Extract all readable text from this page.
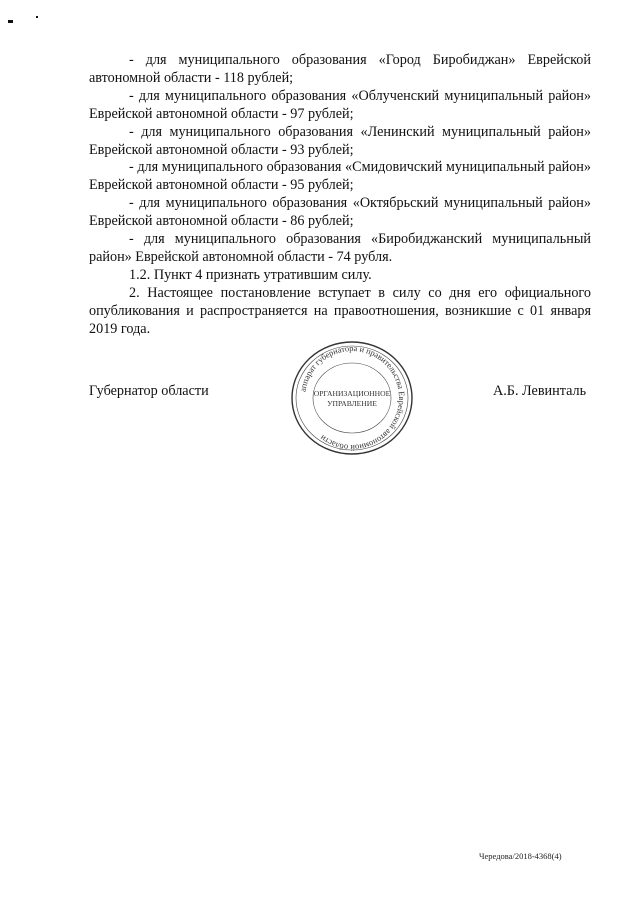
- для муниципального образования «Город Биробиджан» Еврейской автономной области - 118 рублей;

- для муниципального образования «Облученский муниципальный район» Еврейской автономной области - 97 рублей;

- для муниципального образования «Ленинский муниципальный район» Еврейской автономной области - 93 рублей;

- для муниципального образования «Смидовичский муниципальный район» Еврейской автономной области - 95 рублей;

- для муниципального образования «Октябрьский муниципальный район» Еврейской автономной области - 86 рублей;

- для муниципального образования «Биробиджанский муниципальный район» Еврейской автономной области - 74 рубля.

1.2. Пункт 4 признать утратившим силу.

2. Настоящее постановление вступает в силу со дня его официального опубликования и распространяется на правоотношения, возникшие с 01 января 2019 года.

Губернатор области	А.Б. Левинталь
аппарат губернатора и правительства Еврейской автономной области
ОРГАНИЗАЦИОННОЕ
УПРАВЛЕНИЕ
Чередова/2018-4368(4)
